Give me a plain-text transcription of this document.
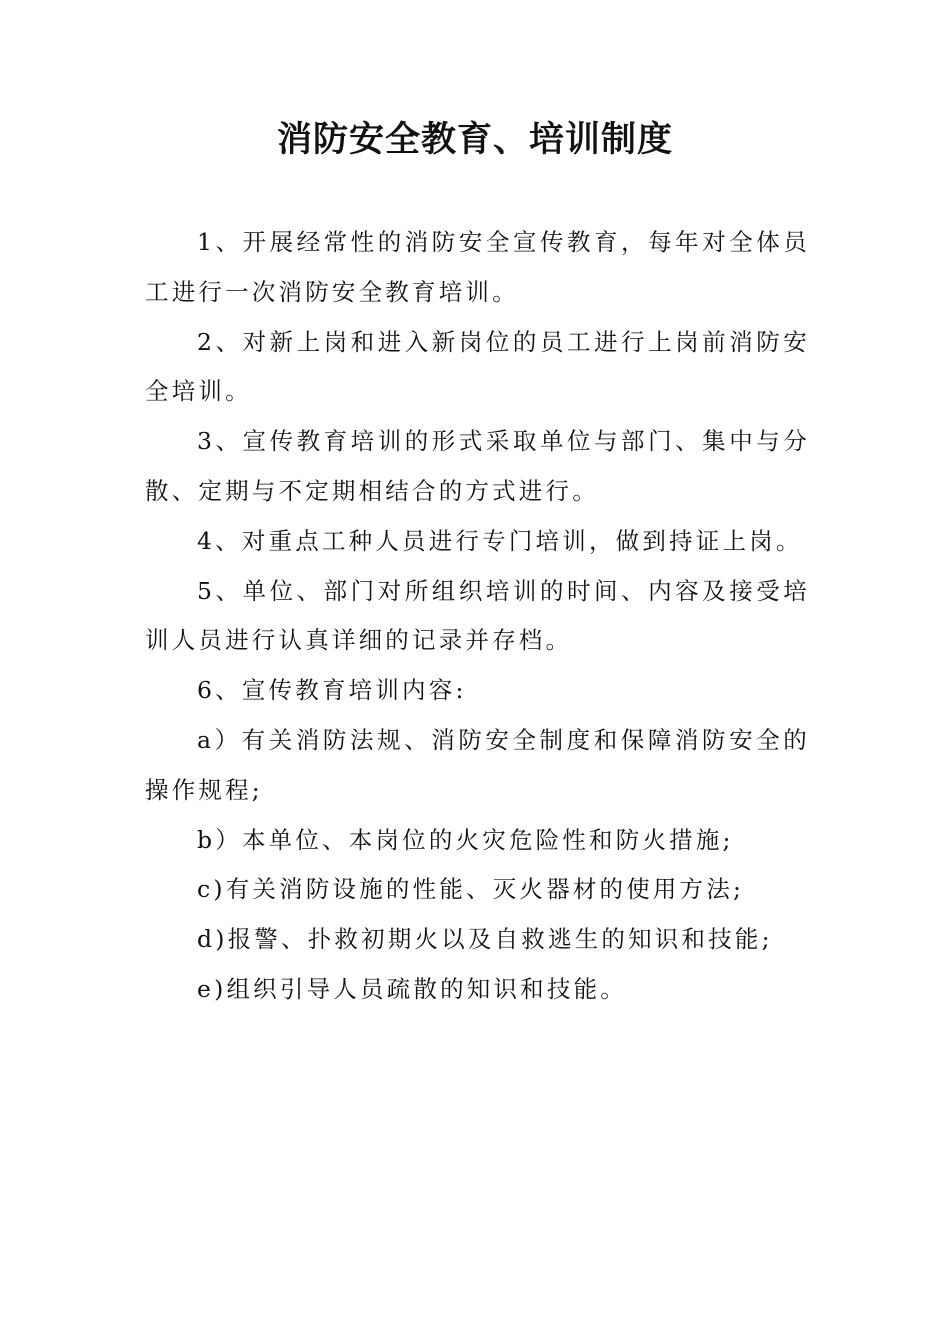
消防安全教育、培训制度

1、开展经常性的消防安全宣传教育，每年对全体员工进行一次消防安全教育培训。

2、对新上岗和进入新岗位的员工进行上岗前消防安全培训。

3、宣传教育培训的形式采取单位与部门、集中与分散、定期与不定期相结合的方式进行。

4、对重点工种人员进行专门培训，做到持证上岗。

5、单位、部门对所组织培训的时间、内容及接受培训人员进行认真详细的记录并存档。

6、宣传教育培训内容:

a）有关消防法规、消防安全制度和保障消防安全的操作规程;

b）本单位、本岗位的火灾危险性和防火措施;

c)有关消防设施的性能、灭火器材的使用方法;

d)报警、扑救初期火以及自救逃生的知识和技能;

e)组织引导人员疏散的知识和技能。
